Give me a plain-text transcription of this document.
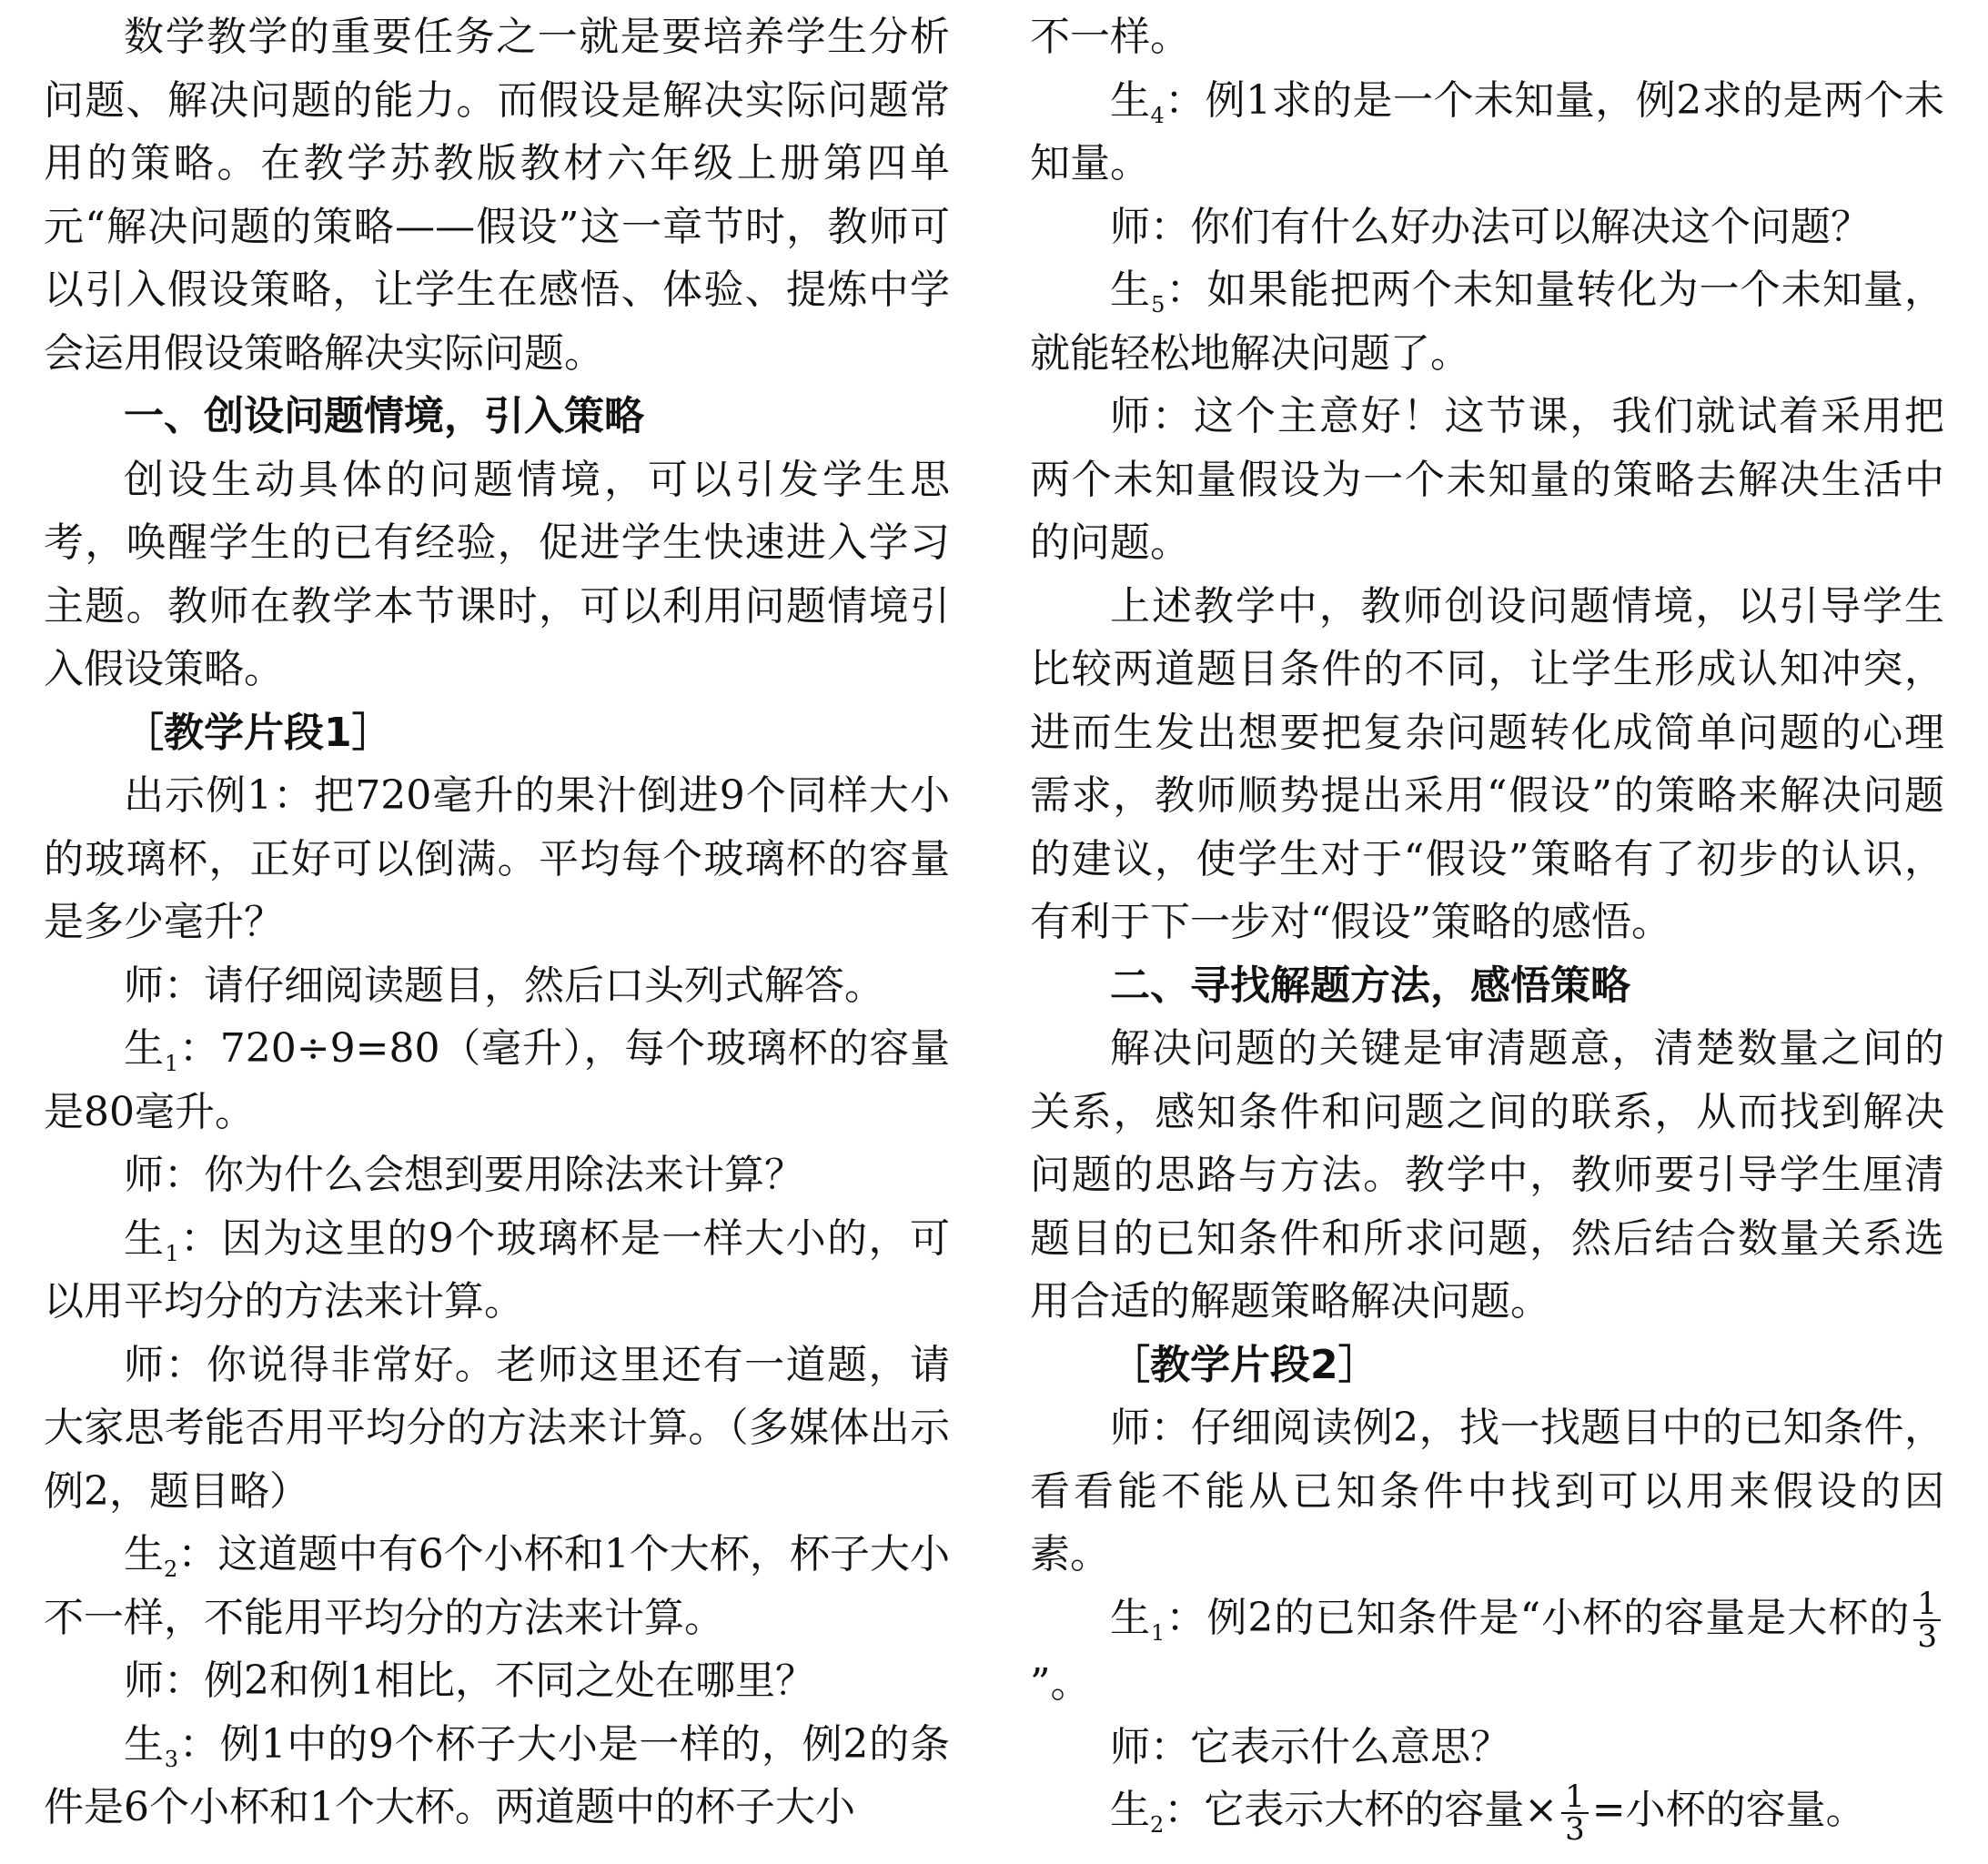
数学教学的重要任务之一就是要培养学生分析问题、解决问题的能力。而假设是解决实际问题常用的策略。在教学苏教版教材六年级上册第四单元“解决问题的策略——假设”这一章节时，教师可以引入假设策略，让学生在感悟、体验、提炼中学会运用假设策略解决实际问题。

一、创设问题情境，引入策略

创设生动具体的问题情境，可以引发学生思考，唤醒学生的已有经验，促进学生快速进入学习主题。教师在教学本节课时，可以利用问题情境引入假设策略。

［教学片段1］

出示例1：把720毫升的果汁倒进9个同样大小的玻璃杯，正好可以倒满。平均每个玻璃杯的容量是多少毫升？

师：请仔细阅读题目，然后口头列式解答。

生$_1$：720÷9=80（毫升），每个玻璃杯的容量是80毫升。

师：你为什么会想到要用除法来计算？

生$_1$：因为这里的9个玻璃杯是一样大小的，可以用平均分的方法来计算。

师：你说得非常好。老师这里还有一道题，请大家思考能否用平均分的方法来计算。（多媒体出示例2，题目略）

生$_2$：这道题中有6个小杯和1个大杯，杯子大小不一样，不能用平均分的方法来计算。

师：例2和例1相比，不同之处在哪里？

生$_3$：例1中的9个杯子大小是一样的，例2的条件是6个小杯和1个大杯。两道题中的杯子大小

不一样。

生$_4$：例1求的是一个未知量，例2求的是两个未知量。

师：你们有什么好办法可以解决这个问题？

生$_5$：如果能把两个未知量转化为一个未知量，就能轻松地解决问题了。

师：这个主意好！这节课，我们就试着采用把两个未知量假设为一个未知量的策略去解决生活中的问题。

上述教学中，教师创设问题情境，以引导学生比较两道题目条件的不同，让学生形成认知冲突，进而生发出想要把复杂问题转化成简单问题的心理需求，教师顺势提出采用“假设”的策略来解决问题的建议，使学生对于“假设”策略有了初步的认识，有利于下一步对“假设”策略的感悟。

二、寻找解题方法，感悟策略

解决问题的关键是审清题意，清楚数量之间的关系，感知条件和问题之间的联系，从而找到解决问题的思路与方法。教学中，教师要引导学生厘清题目的已知条件和所求问题，然后结合数量关系选用合适的解题策略解决问题。

［教学片段2］

师：仔细阅读例2，找一找题目中的已知条件，看看能不能从已知条件中找到可以用来假设的因素。

生$_1$：例2的已知条件是“小杯的容量是大杯的 $\frac{1}{3}$
”。

师：它表示什么意思？

生$_2$：它表示大杯的容量× $\frac{1}{3}$ =小杯的容量。
